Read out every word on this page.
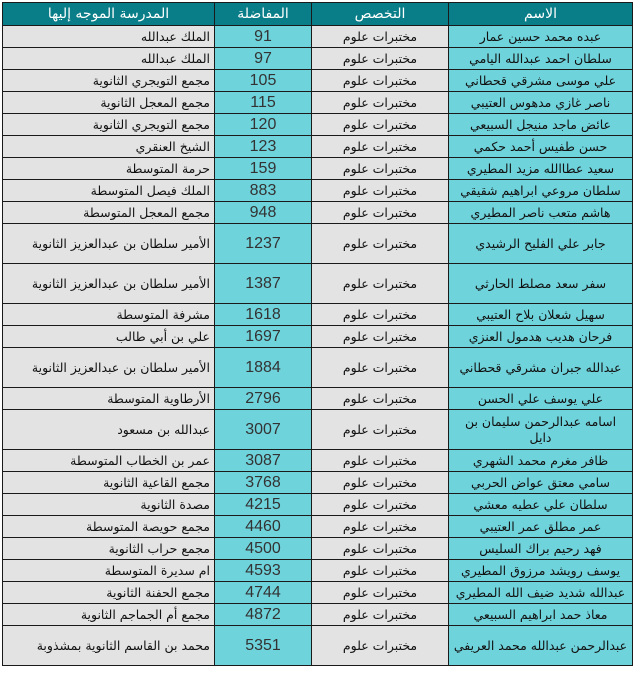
الاسم	التخصص	المفاضلة	المدرسة الموجه إليها
عبده محمد حسين عمار	مختبرات علوم	91	الملك عبدالله
سلطان احمد عبدالله اليامي	مختبرات علوم	97	الملك عبدالله
علي موسى مشرقي قحطاني	مختبرات علوم	105	مجمع التويجري الثانوية
ناصر غازي مدهوس العتيبي	مختبرات علوم	115	مجمع المعجل الثانوية
عائض ماجد منيجل السبيعي	مختبرات علوم	120	مجمع التويجري الثانوية
حسن طفيس أحمد حكمي	مختبرات علوم	123	الشيخ العنقري
سعيد عطاالله مزيد المطيري	مختبرات علوم	159	حرمة المتوسطة
سلطان مروعي ابراهيم شقيقي	مختبرات علوم	883	الملك فيصل المتوسطة
هاشم متعب ناصر المطيري	مختبرات علوم	948	مجمع المعجل المتوسطة
جابر علي الفليح الرشيدي	مختبرات علوم	1237	الأمير سلطان بن عبدالعزيز الثانوية
سفر سعد مصلط الحارثي	مختبرات علوم	1387	الأمير سلطان بن عبدالعزيز الثانوية
سهيل شعلان بلاح العتيبي	مختبرات علوم	1618	مشرفة المتوسطة
فرحان هديب هدمول العنزي	مختبرات علوم	1697	علي بن أبي طالب
عبدالله جبران مشرقي قحطاني	مختبرات علوم	1884	الأمير سلطان بن عبدالعزيز الثانوية
علي يوسف علي الحسن	مختبرات علوم	2796	الأرطاوية المتوسطة
اسامه عبدالرحمن سليمان بن دايل	مختبرات علوم	3007	عبدالله بن مسعود
ظافر مغرم محمد الشهري	مختبرات علوم	3087	عمر بن الخطاب المتوسطة
سامي معتق عواض الحربي	مختبرات علوم	3768	مجمع القاعية الثانوية
سلطان علي عطيه معشي	مختبرات علوم	4215	مصدة الثانوية
عمر مطلق عمر العتيبي	مختبرات علوم	4460	مجمع حويصة المتوسطة
فهد رحيم براك السليس	مختبرات علوم	4500	مجمع حراب الثانوية
يوسف رويشد مرزوق المطيري	مختبرات علوم	4593	ام سديرة المتوسطة
عبدالله شديد ضيف الله المطيري	مختبرات علوم	4744	مجمع الحفنة الثانوية
معاذ حمد ابراهيم السبيعي	مختبرات علوم	4872	مجمع أم الجماجم الثانوية
عبدالرحمن عبدالله محمد العريفي	مختبرات علوم	5351	محمد بن القاسم الثانوية بمشذوبة
